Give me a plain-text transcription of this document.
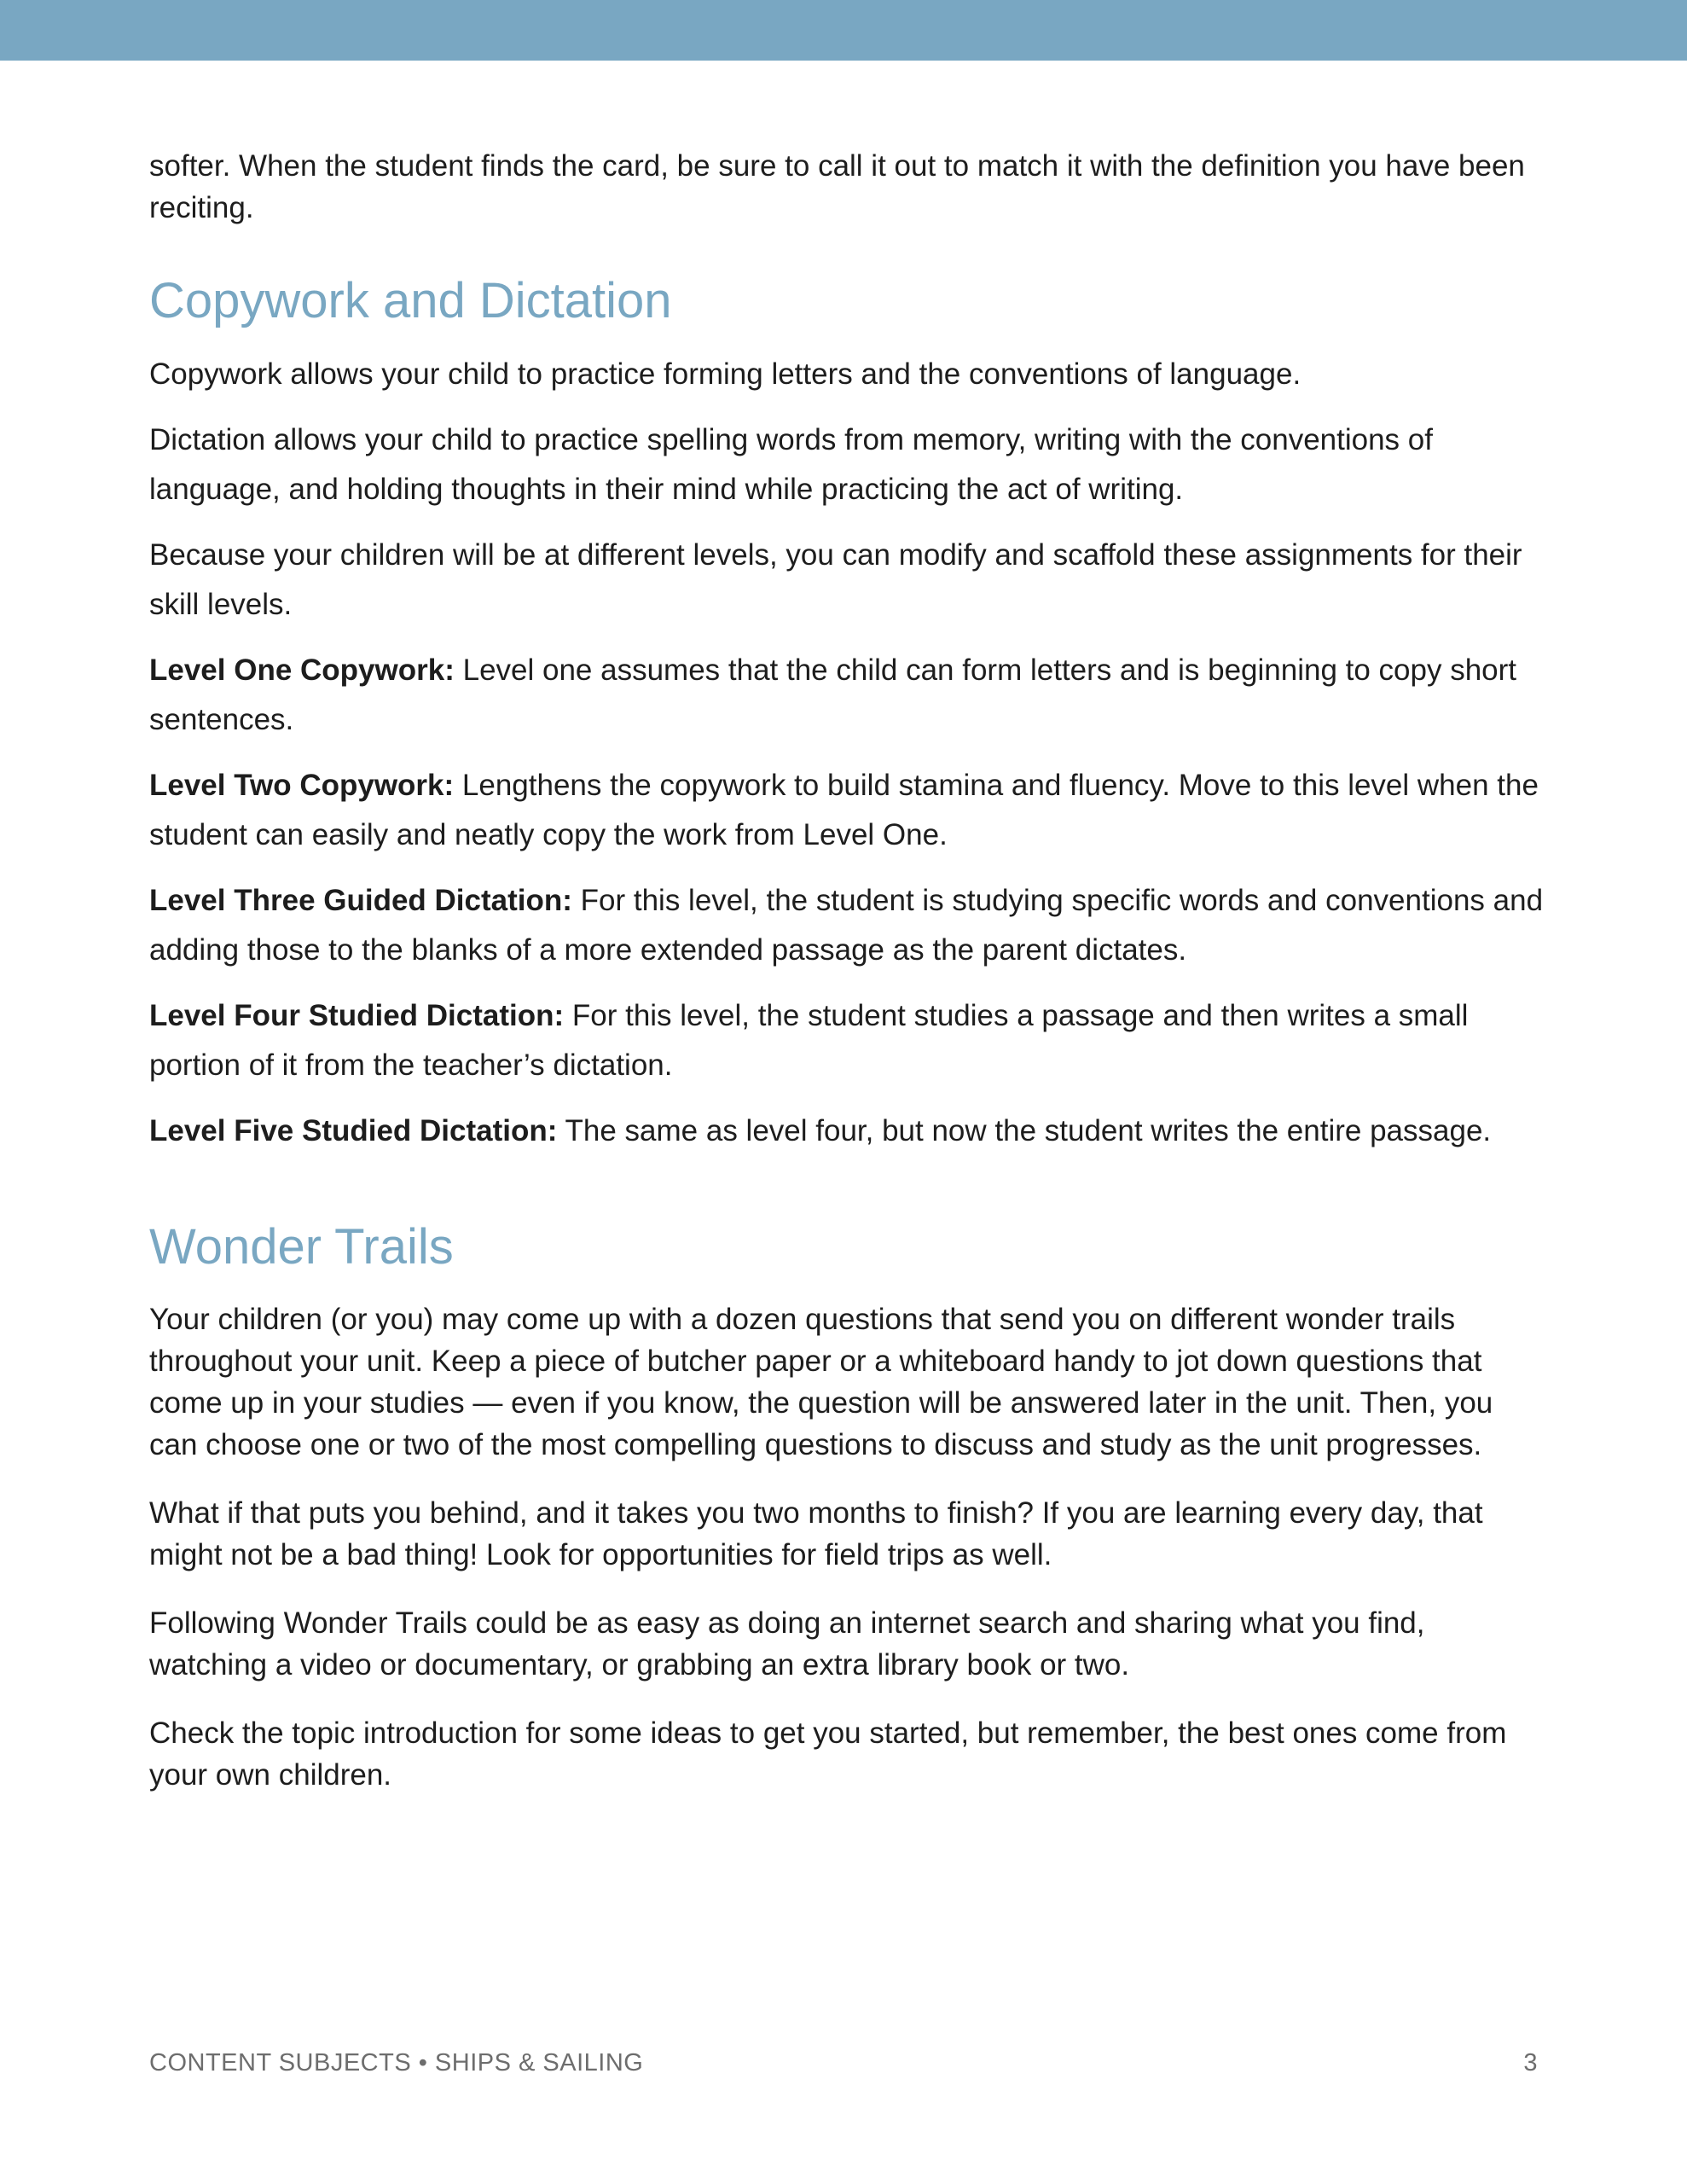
softer. When the student finds the card, be sure to call it out to match it with the definition you have been reciting.

Copywork and Dictation

Copywork allows your child to practice forming letters and the conventions of language.

Dictation allows your child to practice spelling words from memory, writing with the conventions of language, and holding thoughts in their mind while practicing the act of writing.

Because your children will be at different levels, you can modify and scaffold these assignments for their skill levels.

Level One Copywork: Level one assumes that the child can form letters and is beginning to copy short sentences.

Level Two Copywork: Lengthens the copywork to build stamina and fluency. Move to this level when the student can easily and neatly copy the work from Level One.

Level Three Guided Dictation: For this level, the student is studying specific words and conventions and adding those to the blanks of a more extended passage as the parent dictates.

Level Four Studied Dictation: For this level, the student studies a passage and then writes a small portion of it from the teacher’s dictation.

Level Five Studied Dictation: The same as level four, but now the student writes the entire passage.

Wonder Trails

Your children (or you) may come up with a dozen questions that send you on different wonder trails throughout your unit. Keep a piece of butcher paper or a whiteboard handy to jot down questions that come up in your studies — even if you know, the question will be answered later in the unit. Then, you can choose one or two of the most compelling questions to discuss and study as the unit progresses.

What if that puts you behind, and it takes you two months to finish? If you are learning every day, that might not be a bad thing! Look for opportunities for field trips as well.

Following Wonder Trails could be as easy as doing an internet search and sharing what you find, watching a video or documentary, or grabbing an extra library book or two.

Check the topic introduction for some ideas to get you started, but remember, the best ones come from your own children.

CONTENT SUBJECTS • SHIPS & SAILING	3
